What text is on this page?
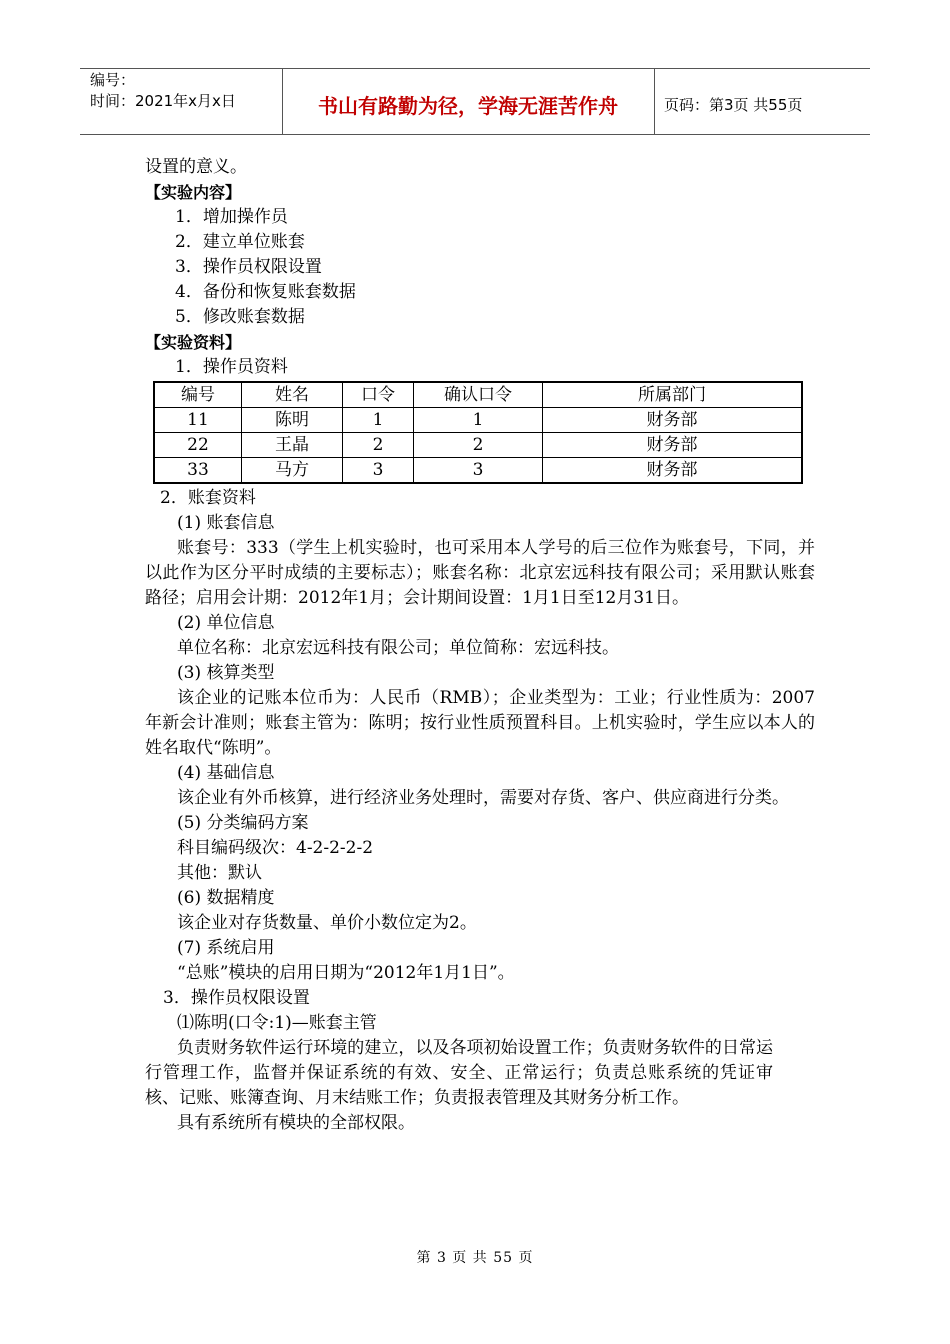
编号：
时间：2021年x月x日	书山有路勤为径，学海无涯苦作舟	页码：第3页 共55页
设置的意义。
【实验内容】
1．增加操作员
2．建立单位账套
3．操作员权限设置
4．备份和恢复账套数据
5．修改账套数据
【实验资料】
1．操作员资料
编号	姓名	口令	确认口令	所属部门
11	陈明	1	1	财务部
22	王晶	2	2	财务部
33	马方	3	3	财务部
2．账套资料
(1) 账套信息
账套号：333（学生上机实验时，也可采用本人学号的后三位作为账套号，下同，并以此作为区分平时成绩的主要标志）；账套名称：北京宏远科技有限公司；采用默认账套路径；启用会计期：2012年1月；会计期间设置：1月1日至12月31日。
(2) 单位信息
单位名称：北京宏远科技有限公司；单位简称：宏远科技。
(3) 核算类型
该企业的记账本位币为：人民币（RMB）；企业类型为：工业；行业性质为：2007年新会计准则；账套主管为：陈明；按行业性质预置科目。上机实验时，学生应以本人的姓名取代“陈明”。
(4) 基础信息
该企业有外币核算，进行经济业务处理时，需要对存货、客户、供应商进行分类。
(5) 分类编码方案
科目编码级次：4-2-2-2-2
其他：默认
(6) 数据精度
该企业对存货数量、单价小数位定为2。
(7) 系统启用
“总账”模块的启用日期为“2012年1月1日”。
3．操作员权限设置
⑴陈明(口令:1)—账套主管
负责财务软件运行环境的建立，以及各项初始设置工作；负责财务软件的日常运行管理工作，监督并保证系统的有效、安全、正常运行；负责总账系统的凭证审核、记账、账簿查询、月末结账工作；负责报表管理及其财务分析工作。
具有系统所有模块的全部权限。
第 3 页 共 55 页
